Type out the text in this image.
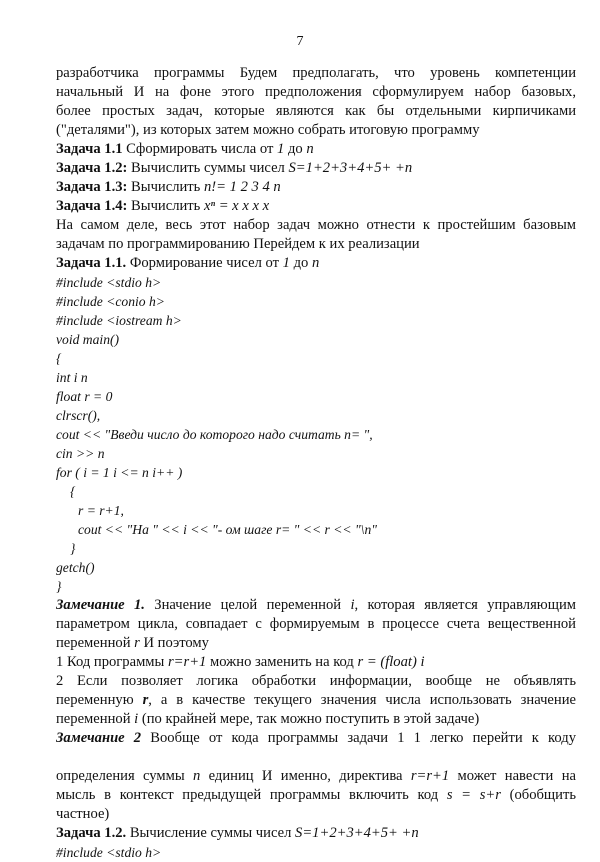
7
разработчика программы Будем предполагать, что уровень компетенции
начальный И на фоне этого предположения сформулируем набор базовых,
более простых задач, которые являются как бы отдельными кирпичиками
("деталями"), из которых затем можно собрать итоговую программу
Задача 1.1 Сформировать числа от 1 до n
Задача 1.2: Вычислить суммы чисел S=1+2+3+4+5+ +n
Задача 1.3: Вычислить n!= 1 2 3 4 n
Задача 1.4: Вычислить xⁿ = x x x x
На самом деле, весь этот набор задач можно отнести к простейшим базовым
задачам по программированию Перейдем к их реализации
Задача 1.1. Формирование чисел от 1 до n
#include <stdio h>
#include <conio h>
#include <iostream h>
void main()
{
int i n
float r = 0
clrscr(),
cout << "Введи число до которого надо считать n= ",
cin >> n
for ( i = 1 i <= n i++ )
{
r = r+1,
cout << "На " << i << "- ом шаге r= " << r << "\n"
}
getch()
}
Замечание 1. Значение целой переменной i, которая является управляющим
параметром цикла, совпадает с формируемым в процессе счета вещественной
переменной r И поэтому
1 Код программы r=r+1 можно заменить на код r = (float) i
2 Если позволяет логика обработки информации, вообще не объявлять
переменную r, а в качестве текущего значения числа использовать значение
переменной i (по крайней мере, так можно поступить в этой задаче)
Замечание 2 Вообще от кода программы задачи 1 1 легко перейти к коду

определения суммы n единиц И именно, директива r=r+1 может навести на
мысль в контекст предыдущей программы включить код s = s+r (обобщить
частное)
Задача 1.2. Вычисление суммы чисел S=1+2+3+4+5+ +n
#include <stdio h>
